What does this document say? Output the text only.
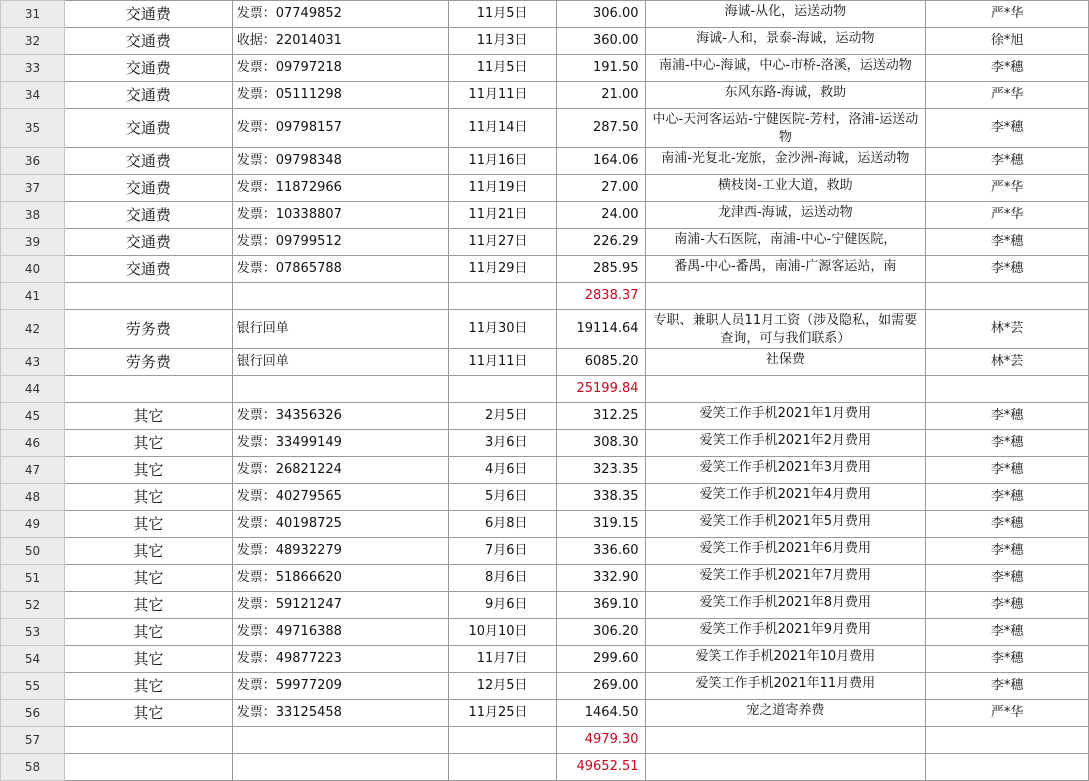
31	交通费	发票：07749852	11月5日	306.00	海诚-从化，运送动物	严*华
32	交通费	收据：22014031	11月3日	360.00	海诚-人和，景泰-海诚，运动物	徐*旭
33	交通费	发票：09797218	11月5日	191.50	南浦-中心-海诚，中心-市桥-洛溪，运送动物	李*穗
34	交通费	发票：05111298	11月11日	21.00	东风东路-海诚，救助	严*华
35	交通费	发票：09798157	11月14日	287.50	中心-天河客运站-宁健医院-芳村，洛浦-运送动物	李*穗
36	交通费	发票：09798348	11月16日	164.06	南浦-光复北-宠旅，金沙洲-海诚，运送动物	李*穗
37	交通费	发票：11872966	11月19日	27.00	横枝岗-工业大道，救助	严*华
38	交通费	发票：10338807	11月21日	24.00	龙津西-海诚，运送动物	严*华
39	交通费	发票：09799512	11月27日	226.29	南浦-大石医院，南浦-中心-宁健医院，	李*穗
40	交通费	发票：07865788	11月29日	285.95	番禺-中心-番禺，南浦-广源客运站，南	李*穗
41				2838.37		
42	劳务费	银行回单	11月30日	19114.64	专职、兼职人员11月工资（涉及隐私，如需要查询，可与我们联系）	林*芸
43	劳务费	银行回单	11月11日	6085.20	社保费	林*芸
44				25199.84		
45	其它	发票：34356326	2月5日	312.25	爱笑工作手机2021年1月费用	李*穗
46	其它	发票：33499149	3月6日	308.30	爱笑工作手机2021年2月费用	李*穗
47	其它	发票：26821224	4月6日	323.35	爱笑工作手机2021年3月费用	李*穗
48	其它	发票：40279565	5月6日	338.35	爱笑工作手机2021年4月费用	李*穗
49	其它	发票：40198725	6月8日	319.15	爱笑工作手机2021年5月费用	李*穗
50	其它	发票：48932279	7月6日	336.60	爱笑工作手机2021年6月费用	李*穗
51	其它	发票：51866620	8月6日	332.90	爱笑工作手机2021年7月费用	李*穗
52	其它	发票：59121247	9月6日	369.10	爱笑工作手机2021年8月费用	李*穗
53	其它	发票：49716388	10月10日	306.20	爱笑工作手机2021年9月费用	李*穗
54	其它	发票：49877223	11月7日	299.60	爱笑工作手机2021年10月费用	李*穗
55	其它	发票：59977209	12月5日	269.00	爱笑工作手机2021年11月费用	李*穗
56	其它	发票：33125458	11月25日	1464.50	宠之道寄养费	严*华
57				4979.30		
58				49652.51		
